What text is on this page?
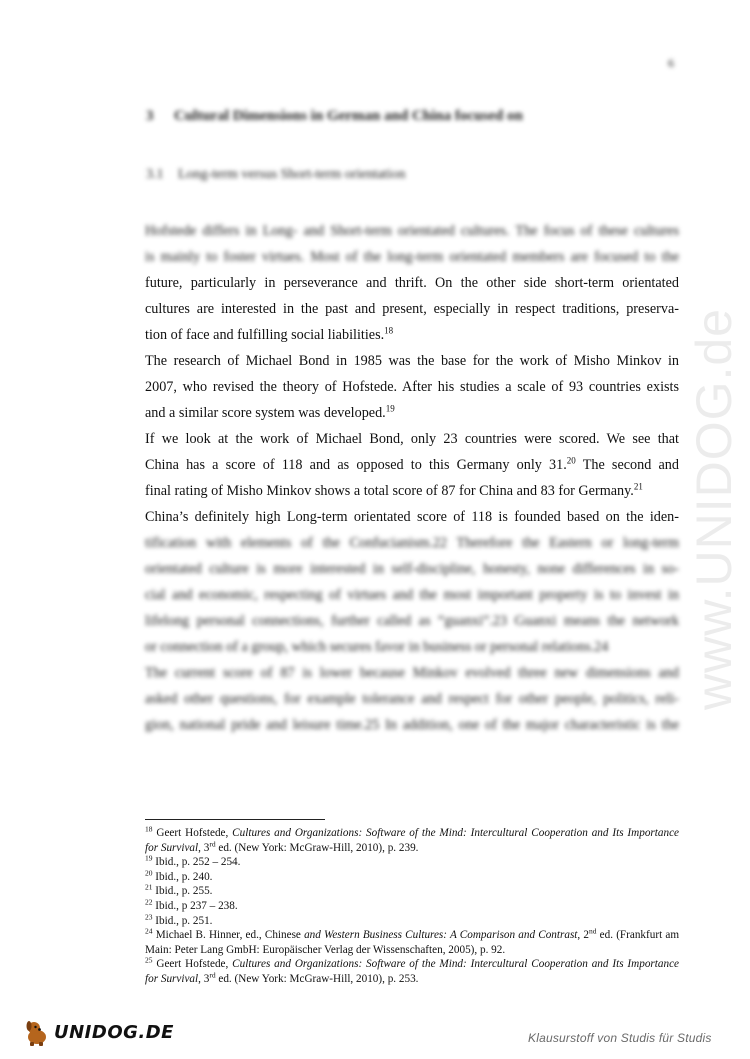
www.UNIDOG.de
6
3 Cultural Dimensions in German and China focused on
3.1 Long-term versus Short-term orientation
Hofstede differs in Long- and Short-term orientated cultures. The focus of these cultures
is mainly to foster virtues. Most of the long-term orientated members are focused to the
future, particularly in perseverance and thrift. On the other side short-term orientated
cultures are interested in the past and present, especially in respect traditions, preserva-
tion of face and fulfilling social liabilities.$^{18}$
The research of Michael Bond in 1985 was the base for the work of Misho Minkov in
2007, who revised the theory of Hofstede. After his studies a scale of 93 countries exists
and a similar score system was developed.$^{19}$
If we look at the work of Michael Bond, only 23 countries were scored. We see that
China has a score of 118 and as opposed to this Germany only 31.20 The second and
final rating of Misho Minkov shows a total score of 87 for China and 83 for Germany.$^{21}$
China’s definitely high Long-term orientated score of 118 is founded based on the iden-
tification with elements of the Confucianism.22 Therefore the Eastern or long-term
orientated culture is more interested in self-discipline, honesty, none differences in so-
cial and economic, respecting of virtues and the most important property is to invest in
lifelong personal connections, further called as “guanxi”.23 Guanxi means the network
or connection of a group, which secures favor in business or personal relations.24
The current score of 87 is lower because Minkov evolved three new dimensions and
asked other questions, for example tolerance and respect for other people, politics, reli-
gion, national pride and leisure time.25 In addition, one of the major characteristic is the

$^{18}$ Geert Hofstede, Cultures and Organizations: Software of the Mind: Intercultural Cooperation and Its Importance for Survival, 3rd ed. (New York: McGraw-Hill, 2010), p. 239.

$^{19}$ Ibid., p. 252 – 254.

$^{20}$ Ibid., p. 240.

$^{21}$ Ibid., p. 255.

$^{22}$ Ibid., p 237 – 238.

$^{23}$ Ibid., p. 251.

$^{24}$ Michael B. Hinner, ed., Chinese and Western Business Cultures: A Comparison and Contrast, 2nd ed. (Frankfurt am Main: Peter Lang GmbH: Europäischer Verlag der Wissenschaften, 2005), p. 92.

$^{25}$ Geert Hofstede, Cultures and Organizations: Software of the Mind: Intercultural Cooperation and Its Importance for Survival, 3rd ed. (New York: McGraw-Hill, 2010), p. 253.

UNIDOG.DE	Klausurstoff von Studis für Studis
